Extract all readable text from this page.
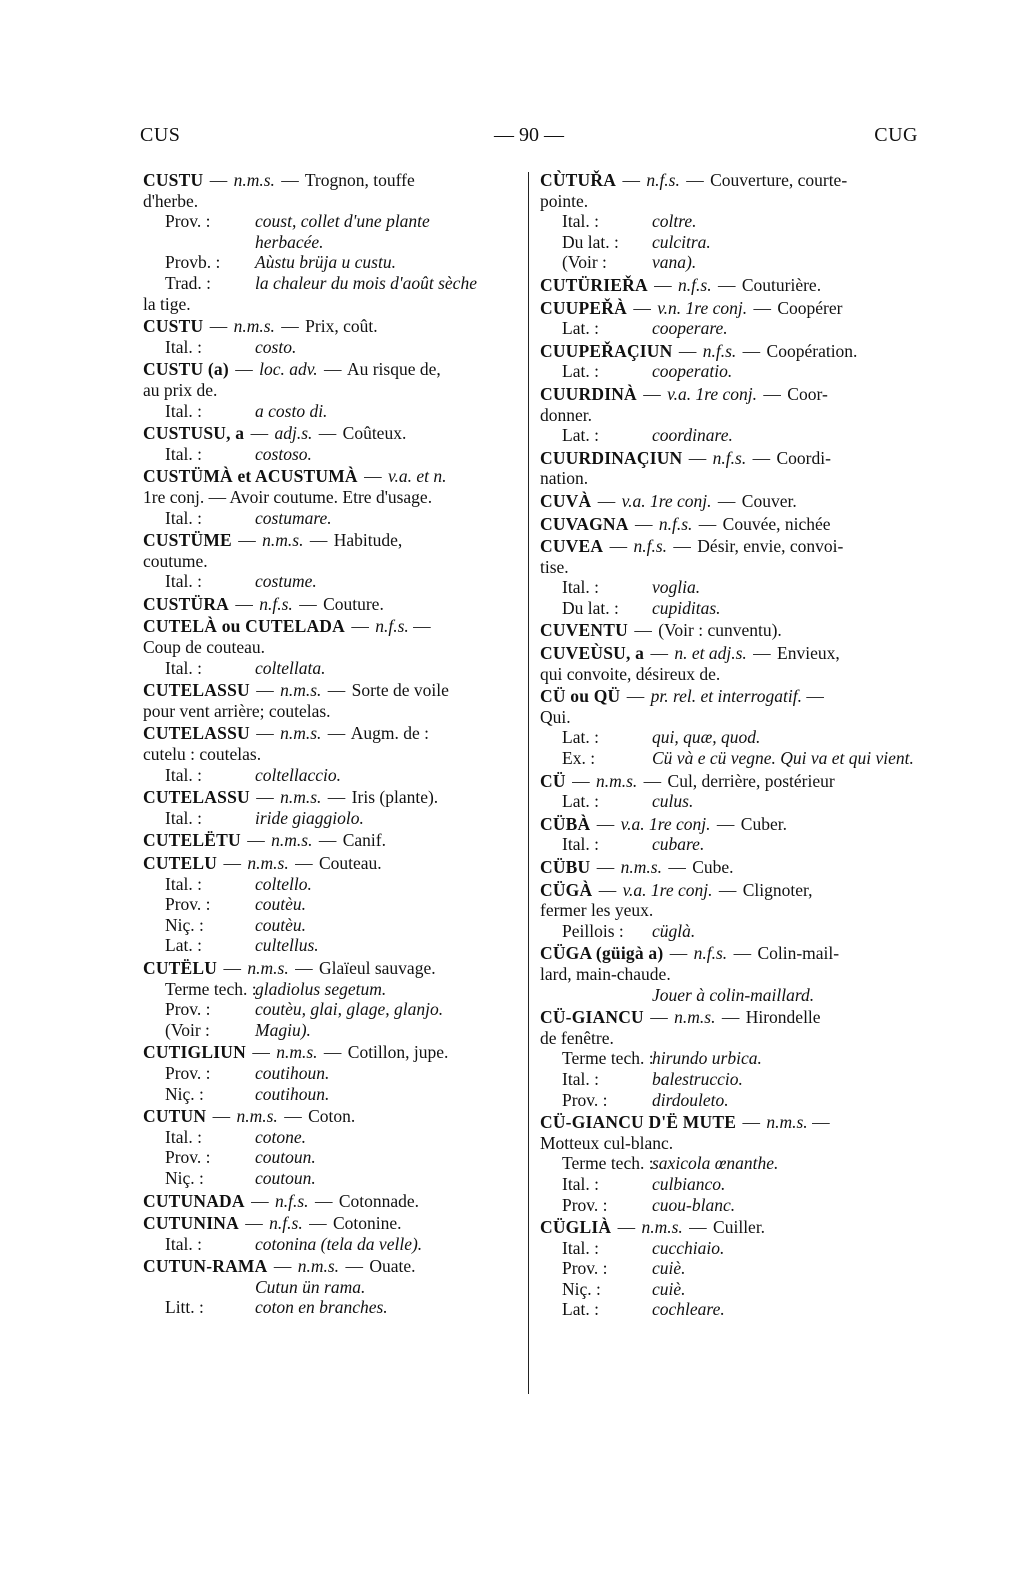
CUS	— 90 —	CUG
CUSTU — n.m.s. — Trognon, touffe
d'herbe.
Prov. :	coust, collet d'une plante
herbacée.
Provb. : Aùstu brüja u custu.
Trad. :	la chaleur du mois d'août sèche
la tige.
CUSTU — n.m.s. — Prix, coût.
Ital. :	costo.
CUSTU (a) — loc. adv. — Au risque de,
au prix de.
Ital. :	a costo di.
CUSTUSU, a — adj.s. — Coûteux.
Ital. :	costoso.
CUSTÜMÀ et ACUSTUMÀ — v.a. et n.
1re conj. — Avoir coutume. Etre d'usage.
Ital. :	costumare.
CUSTÜME — n.m.s. — Habitude,
coutume.
Ital. :	costume.
CUSTÜRA — n.f.s. — Couture.
CUTELÀ ou CUTELADA — n.f.s. —
Coup de couteau.
Ital. :	coltellata.
CUTELASSU — n.m.s. — Sorte de voile
pour vent arrière; coutelas.
CUTELASSU — n.m.s. — Augm. de :
cutelu : coutelas.
Ital. :	coltellaccio.
CUTELASSU — n.m.s. — Iris (plante).
Ital. :	iride giaggiolo.
CUTELËTU — n.m.s. — Canif.
CUTELU — n.m.s. — Couteau.
Ital. :	coltello.
Prov. :	coutèu.
Niç. :	coutèu.
Lat. :	cultellus.
CUTËLU — n.m.s. — Glaïeul sauvage.
Terme tech. :gladiolus segetum.
Prov. :	coutèu, glai, glage, glanjo.
(Voir :	Magiu).
CUTIGLIUN — n.m.s. — Cotillon, jupe.
Prov. :	coutihoun.
Niç. :	coutihoun.
CUTUN — n.m.s. — Coton.
Ital. :	cotone.
Prov. :	coutoun.
Niç. :	coutoun.
CUTUNADA — n.f.s. — Cotonnade.
CUTUNINA — n.f.s. — Cotonine.
Ital. :	cotonina (tela da velle).
CUTUN-RAMA — n.m.s. — Ouate.
Cutun ün rama.
Litt. :	coton en branches.
CÙTUŘA — n.f.s. — Couverture, courte-
pointe.
Ital. :	coltre.
Du lat. : culcitra.
(Voir :	vana).
CUTÜRIEŘA — n.f.s. — Couturière.
CUUPEŘÀ — v.n. 1re conj. — Coopérer
Lat. :	cooperare.
CUUPEŘAÇIUN — n.f.s. — Coopération.
Lat. :	cooperatio.
CUURDINÀ — v.a. 1re conj. — Coor-
donner.
Lat. :	coordinare.
CUURDINAÇIUN — n.f.s. — Coordi-
nation.
CUVÀ — v.a. 1re conj. — Couver.
CUVAGNA — n.f.s. — Couvée, nichée
CUVEA — n.f.s. — Désir, envie, convoi-
tise.
Ital. :	voglia.
Du lat. : cupiditas.
CUVENTU — (Voir : cunventu).
CUVEÙSU, a — n. et adj.s. — Envieux,
qui convoite, désireux de.
CÜ ou QÜ — pr. rel. et interrogatif. —
Qui.
Lat. :	qui, quæ, quod.
Ex. :	Cü và e cü vegne. Qui va et qui vient.
CÜ — n.m.s. — Cul, derrière, postérieur
Lat. :	culus.
CÜBÀ — v.a. 1re conj. — Cuber.
Ital. :	cubare.
CÜBU — n.m.s. — Cube.
CÜGÀ — v.a. 1re conj. — Clignoter,
fermer les yeux.
Peillois : cüglà.
CÜGA (güigà a) — n.f.s. — Colin-mail-
lard, main-chaude.
Jouer à colin-maillard.
CÜ-GIANCU — n.m.s. — Hirondelle
de fenêtre.
Terme tech. :hirundo urbica.
Ital. :	balestruccio.
Prov. :	dirdouleto.
CÜ-GIANCU D'Ë MUTE — n.m.s. —
Motteux cul-blanc.
Terme tech. :saxicola œnanthe.
Ital. :	culbianco.
Prov. :	cuou-blanc.
CÜGLIÀ — n.m.s. — Cuiller.
Ital. :	cucchiaio.
Prov. :	cuiè.
Niç. :	cuiè.
Lat. :	cochleare.
